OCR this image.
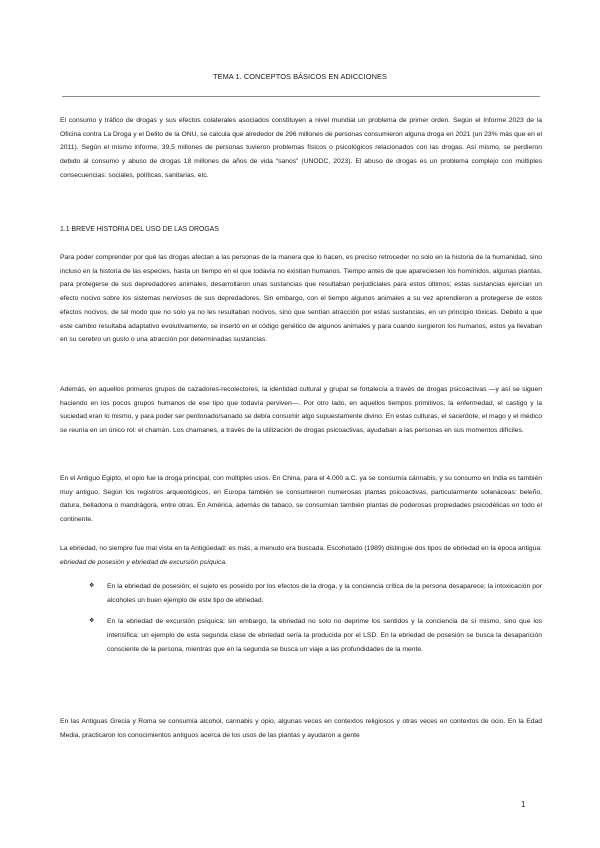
TEMA 1. CONCEPTOS BÁSICOS EN ADICCIONES

El consumo y tráfico de drogas y sus efectos colaterales asociados constituyen a nivel mundial un problema de primer orden. Según el Informe 2023 de la Oficina contra La Droga y el Delito de la ONU, se calcula que alrededor de 296 millones de personas consumieron alguna droga en 2021 (un 23% más que en el 2011). Según el mismo informe, 39,5 millones de personas tuvieron problemas físicos o psicológicos relacionados con las drogas. Así mismo, se perdieron debido al consumo y abuso de drogas 18 millones de años de vida “sanos” (UNODC, 2023). El abuso de drogas es un problema complejo con múltiples consecuencias: sociales, políticas, sanitarias, etc.

1.1 BREVE HISTORIA DEL USO DE LAS DROGAS

Para poder comprender por qué las drogas afectan a las personas de la manera que lo hacen, es preciso retroceder no solo en la historia de la humanidad, sino incluso en la historia de las especies, hasta un tiempo en el que todavía no existían humanos. Tiempo antes de que apareciesen los homínidos, algunas plantas, para protegerse de sus depredadores animales, desarrollaron unas sustancias que resultaban perjudiciales para estos últimos; estas sustancias ejercían un efecto nocivo sobre los sistemas nerviosos de sus depredadores. Sin embargo, con el tiempo algunos animales a su vez aprendieron a protegerse de estos efectos nocivos, de tal modo que no solo ya no les resultaban nocivos, sino que sentían atracción por estas sustancias, en un principio tóxicas. Debido a que este cambio resultaba adaptativo evolutivamente, se insertó en el código genético de algunos animales y para cuando surgieron los humanos, estos ya llevaban en su cerebro un gusto o una atracción por determinadas sustancias.

Además, en aquellos primeros grupos de cazadores-recolectores, la identidad cultural y grupal se fortalecía a través de drogas psicoactivas —y así se siguen haciendo en los pocos grupos humanos de ese tipo que todavía perviven—. Por otro lado, en aquellos tiempos primitivos, la enfermedad, el castigo y la suciedad eran lo mismo, y para poder ser perdonado/sanado se debía consumir algo supuestamente divino. En estas culturas, el sacerdote, el mago y el médico se reunía en un único rol: el chamán. Los chamanes, a través de la utilización de drogas psicoactivas, ayudaban a las personas en sus momentos difíciles.

En el Antiguo Egipto, el opio fue la droga principal, con múltiples usos. En China, para el 4.000 a.C. ya se consumía cánnabis, y su consumo en India es también muy antiguo. Según los registros arqueológicos, en Europa también se consumieron numerosas plantas psicoactivas, particularmente solanáceas: beleño, datura, belladona o mandrágora, entre otras. En América, además de tabaco, se consumían también plantas de poderosas propiedades psicodélicas en todo el continente.

La ebriedad, no siempre fue mal vista en la Antigüedad: es más, a menudo era buscada. Escohotado (1989) distingue dos tipos de ebriedad en la época antigua: ebriedad de posesión y ebriedad de excursión psíquica.

❖ En la ebriedad de posesión; el sujeto es poseído por los efectos de la droga, y la conciencia crítica de la persona desaparece; la intoxicación por alcoholes un buen ejemplo de este tipo de ebriedad.
❖ En la ebriedad de excursión psíquica; sin embargo, la ebriedad no solo no deprime los sentidos y la conciencia de sí mismo, sino que los intensifica; un ejemplo de esta segunda clase de ebriedad sería la producida por el LSD. En la ebriedad de posesión se busca la desaparición consciente de la persona, mientras que en la segunda se busca un viaje a las profundidades de la mente.

En las Antiguas Grecia y Roma se consumía alcohol, cannabis y opio, algunas veces en contextos religiosos y otras veces en contextos de ocio. En la Edad Media, practicaron los conocimientos antiguos acerca de los usos de las plantas y ayudaron a gente

1
